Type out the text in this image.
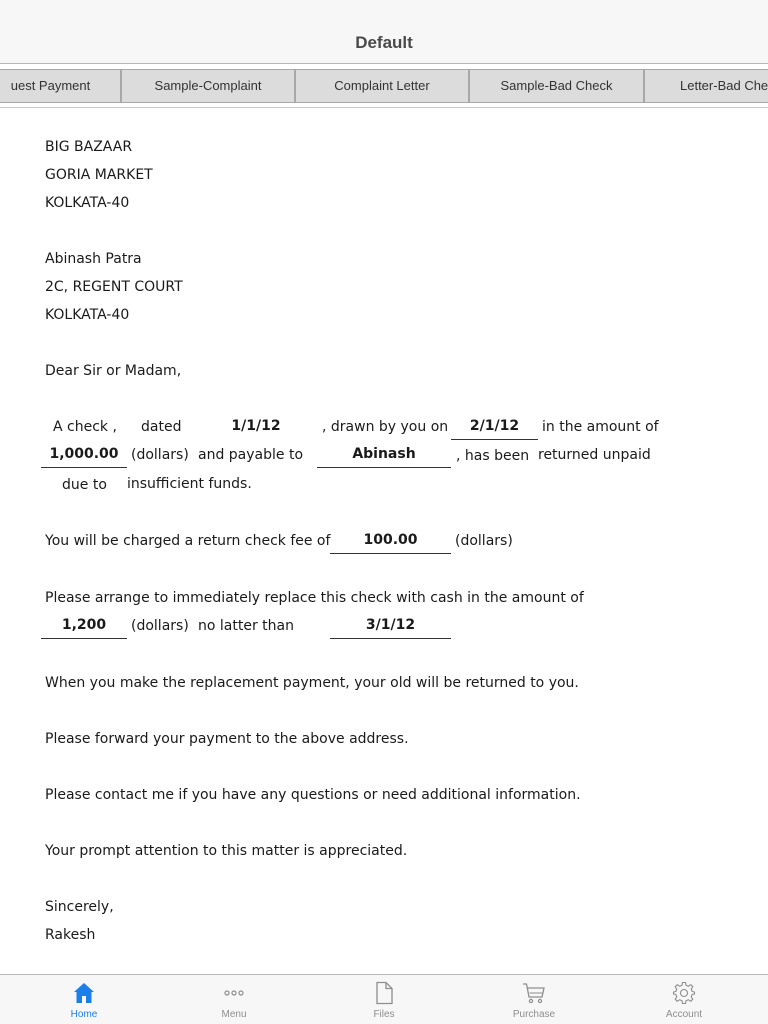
Default
uest Payment	Sample-Complaint	Complaint Letter	Sample-Bad Check	Letter-Bad Che
BIG BAZAAR
GORIA MARKET
KOLKATA-40
Abinash Patra
2C, REGENT COURT
KOLKATA-40
Dear Sir or Madam,
A check , dated	1/1/12	, drawn by you on	2/1/12	in the amount of
1,000.00 (dollars) and payable to	Abinash	, has been returned unpaid
due to insufficient funds.
You will be charged a return check fee of	100.00	(dollars)
Please arrange to immediately replace this check with cash in the amount of
1,200	(dollars) no latter than	3/1/12
When you make the replacement payment, your old will be returned to you.
Please forward your payment to the above address.
Please contact me if you have any questions or need additional information.
Your prompt attention to this matter is appreciated.
Sincerely,
Rakesh
Home	Menu	Files	Purchase	Account
